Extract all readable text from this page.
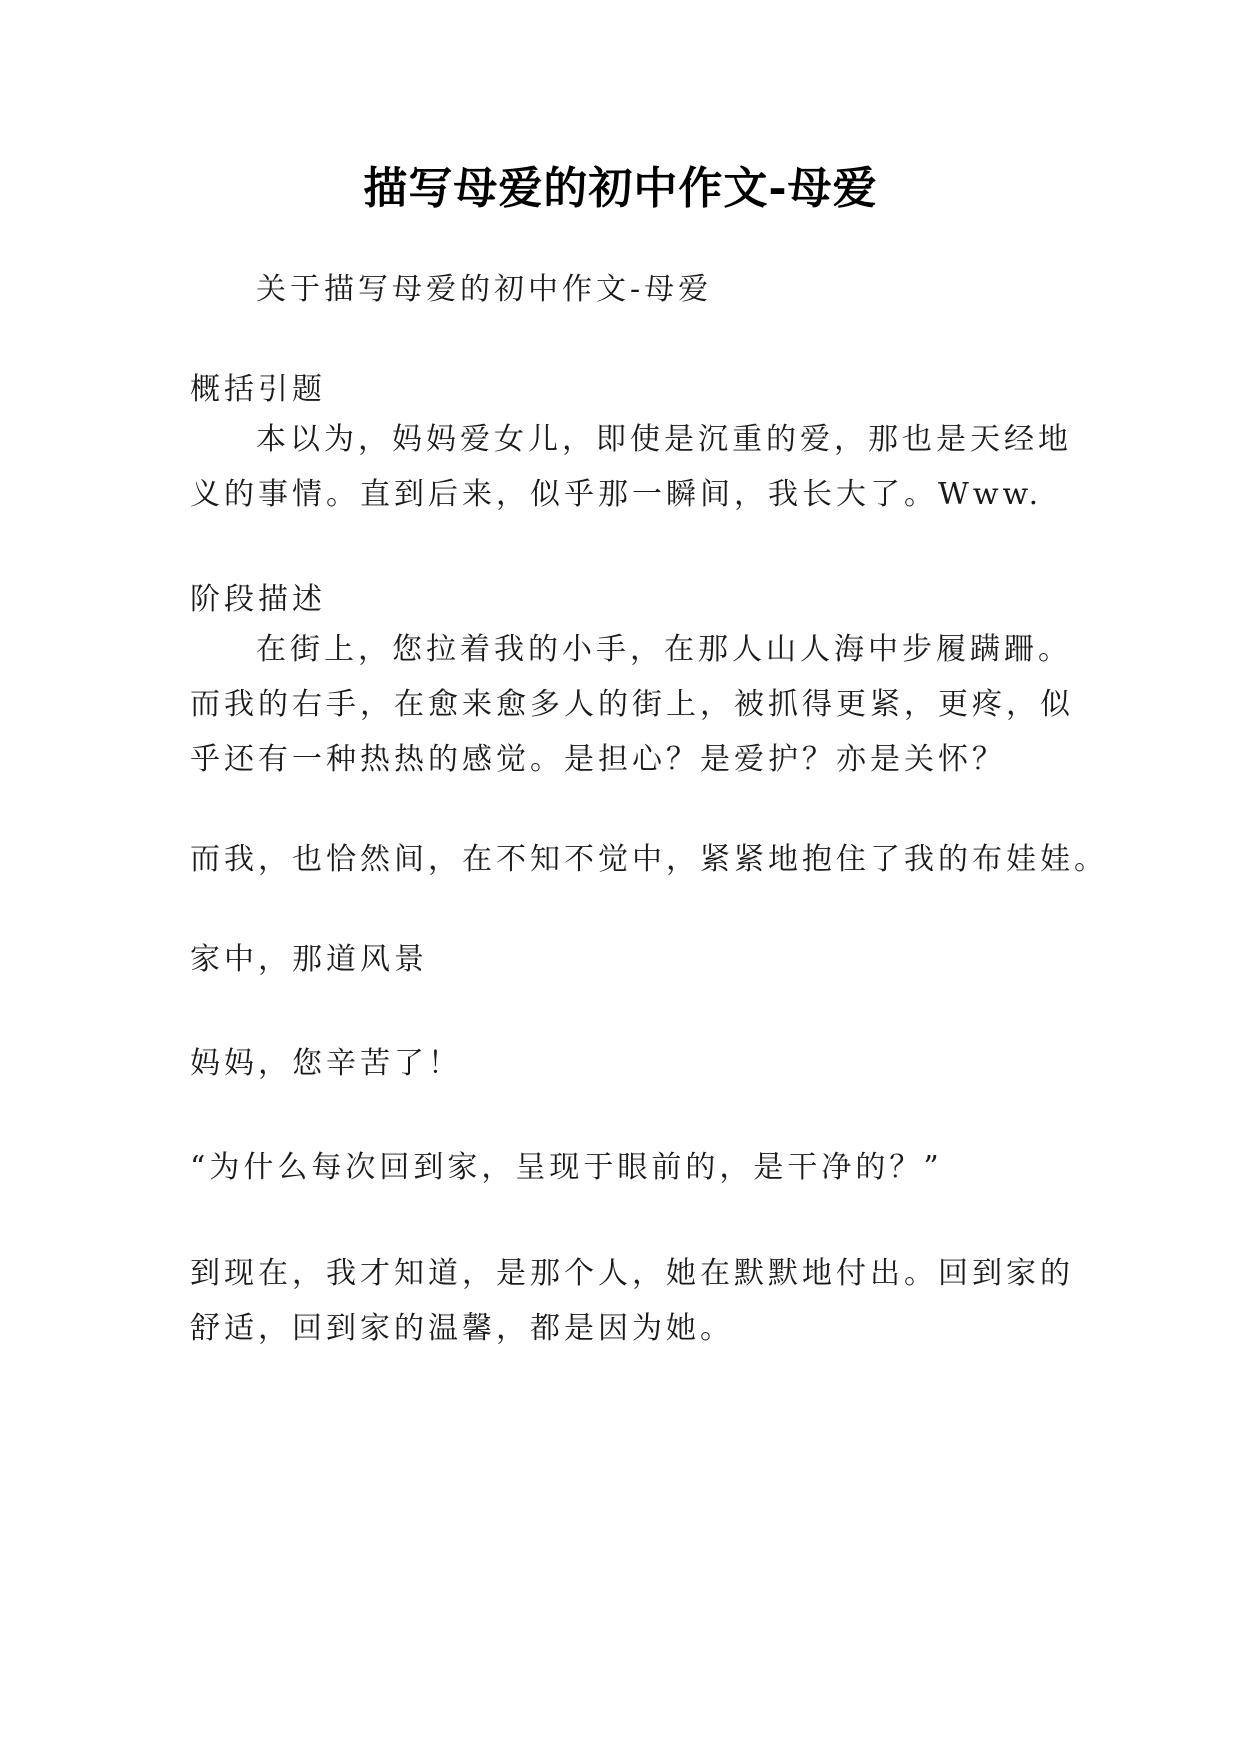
描写母爱的初中作文-母爱
关于描写母爱的初中作文-母爱
概括引题
本以为，妈妈爱女儿，即使是沉重的爱，那也是天经地
义的事情。直到后来，似乎那一瞬间，我长大了。Www.
阶段描述
在街上，您拉着我的小手，在那人山人海中步履蹒跚。
而我的右手，在愈来愈多人的街上，被抓得更紧，更疼，似
乎还有一种热热的感觉。是担心？是爱护？亦是关怀？
而我，也恰然间，在不知不觉中，紧紧地抱住了我的布娃娃。
家中，那道风景
妈妈，您辛苦了！
“为什么每次回到家，呈现于眼前的，是干净的？”
到现在，我才知道，是那个人，她在默默地付出。回到家的
舒适，回到家的温馨，都是因为她。
